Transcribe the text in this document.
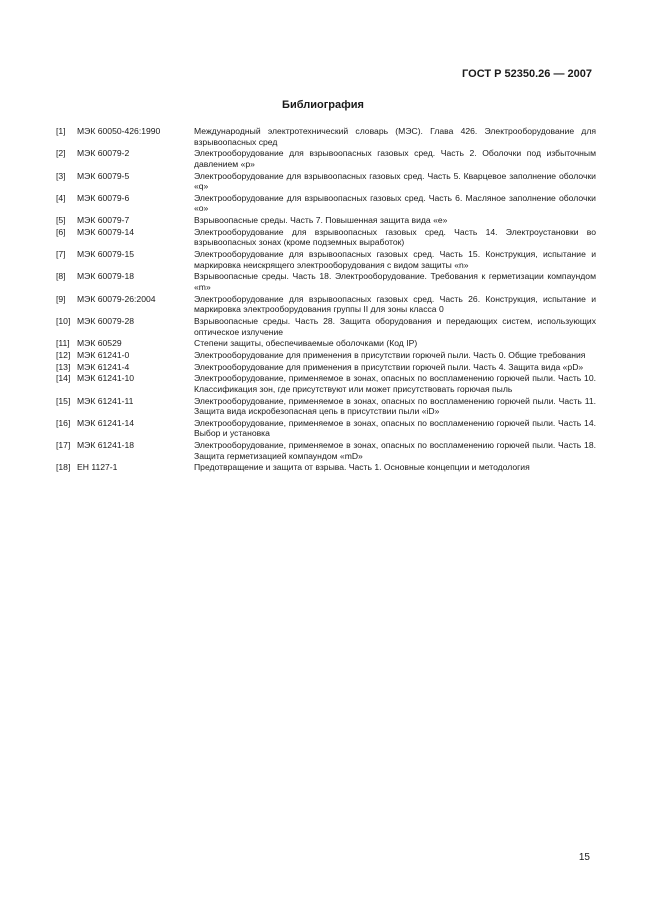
ГОСТ Р 52350.26 — 2007
Библиография
[1]	МЭК 60050-426:1990	Международный электротехнический словарь (МЭС). Глава 426. Электрооборудование для взрывоопасных сред
[2]	МЭК 60079-2	Электрооборудование для взрывоопасных газовых сред. Часть 2. Оболочки под избыточным давлением «р»
[3]	МЭК 60079-5	Электрооборудование для взрывоопасных газовых сред. Часть 5. Кварцевое заполнение оболочки «q»
[4]	МЭК 60079-6	Электрооборудование для взрывоопасных газовых сред. Часть 6. Масляное заполнение оболочки «о»
[5]	МЭК 60079-7	Взрывоопасные среды. Часть 7. Повышенная защита вида «е»
[6]	МЭК 60079-14	Электрооборудование для взрывоопасных газовых сред. Часть 14. Электроустановки во взрывоопасных зонах (кроме подземных выработок)
[7]	МЭК 60079-15	Электрооборудование для взрывоопасных газовых сред. Часть 15. Конструкция, испытание и маркировка неискрящего электрооборудования с видом защиты «n»
[8]	МЭК 60079-18	Взрывоопасные среды. Часть 18. Электрооборудование. Требования к герметизации компаундом «m»
[9]	МЭК 60079-26:2004	Электрооборудование для взрывоопасных газовых сред. Часть 26. Конструкция, испытание и маркировка электрооборудования группы II для зоны класса 0
[10] МЭК 60079-28	Взрывоопасные среды. Часть 28. Защита оборудования и передающих систем, использующих оптическое излучение
[11] МЭК 60529	Степени защиты, обеспечиваемые оболочками (Код IP)
[12] МЭК 61241-0	Электрооборудование для применения в присутствии горючей пыли. Часть 0. Общие требования
[13] МЭК 61241-4	Электрооборудование для применения в присутствии горючей пыли. Часть 4. Защита вида «pD»
[14] МЭК 61241-10	Электрооборудование, применяемое в зонах, опасных по воспламенению горючей пыли. Часть 10. Классификация зон, где присутствуют или может присутствовать горючая пыль
[15] МЭК 61241-11	Электрооборудование, применяемое в зонах, опасных по воспламенению горючей пыли. Часть 11. Защита вида искробезопасная цепь в присутствии пыли «iD»
[16] МЭК 61241-14	Электрооборудование, применяемое в зонах, опасных по воспламенению горючей пыли. Часть 14. Выбор и установка
[17] МЭК 61241-18	Электрооборудование, применяемое в зонах, опасных по воспламенению горючей пыли. Часть 18. Защита герметизацией компаундом «mD»
[18] ЕН 1127-1	Предотвращение и защита от взрыва. Часть 1. Основные концепции и методология
15
